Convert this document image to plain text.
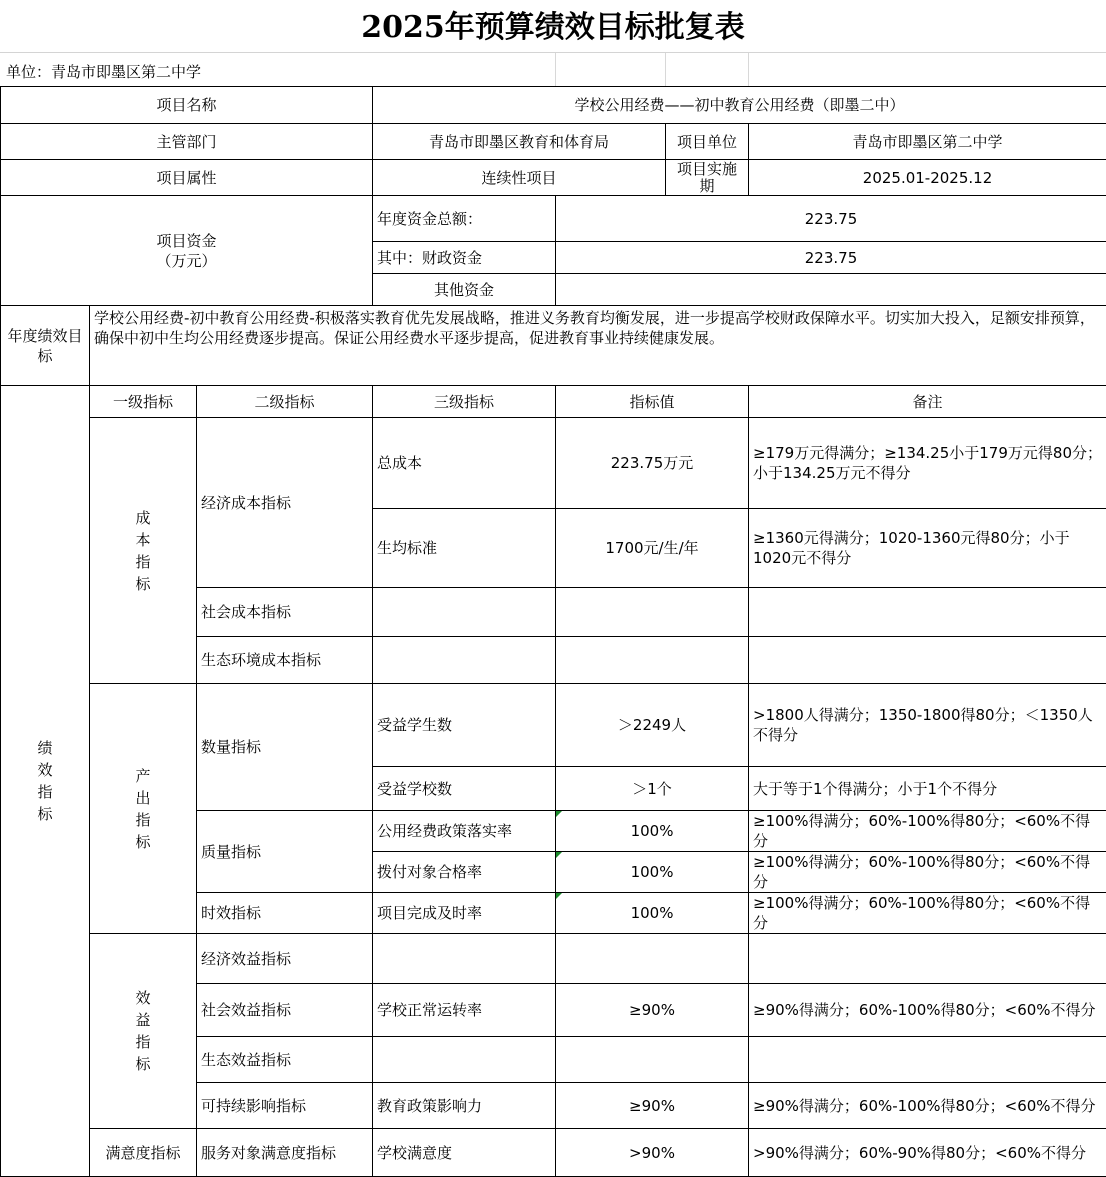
2025年预算绩效目标批复表
单位：青岛市即墨区第二中学
项目名称			学校公用经费——初中教育公用经费（即墨二中）			
主管部门			青岛市即墨区教育和体育局		项目单位	青岛市即墨区第二中学
项目属性			连续性项目		项目实施期	2025.01-2025.12
项目资金
（万元）			年度资金总额：	223.75		
			其中：财政资金	223.75		
			其他资金			
年度绩效目标	学校公用经费-初中教育公用经费-积极落实教育优先发展战略，推进义务教育均衡发展，进一步提高学校财政保障水平。切实加大投入，足额安排预算，确保中初中生均公用经费逐步提高。保证公用经费水平逐步提高，促进教育事业持续健康发展。					
绩效指标	一级指标	二级指标	三级指标	指标值		备注
	成本指标	经济成本指标	总成本	223.75万元		≥179万元得满分；≥134.25小于179万元得80分；小于134.25万元不得分
			生均标准	1700元/生/年		≥1360元得满分；1020-1360元得80分；小于1020元不得分
		社会成本指标				
		生态环境成本指标				
	产出指标	数量指标	受益学生数	＞2249人		>1800人得满分；1350-1800得80分；＜1350人不得分
			受益学校数	＞1个		大于等于1个得满分；小于1个不得分
		质量指标	公用经费政策落实率	100%		≥100%得满分；60%-100%得80分；<60%不得分
			拨付对象合格率	100%		≥100%得满分；60%-100%得80分；<60%不得分
		时效指标	项目完成及时率	100%		≥100%得满分；60%-100%得80分；<60%不得分
	效益指标	经济效益指标				
		社会效益指标	学校正常运转率	≥90%		≥90%得满分；60%-100%得80分；<60%不得分
		生态效益指标				
		可持续影响指标	教育政策影响力	≥90%		≥90%得满分；60%-100%得80分；<60%不得分
	满意度指标	服务对象满意度指标	学校满意度	>90%		>90%得满分；60%-90%得80分；<60%不得分
